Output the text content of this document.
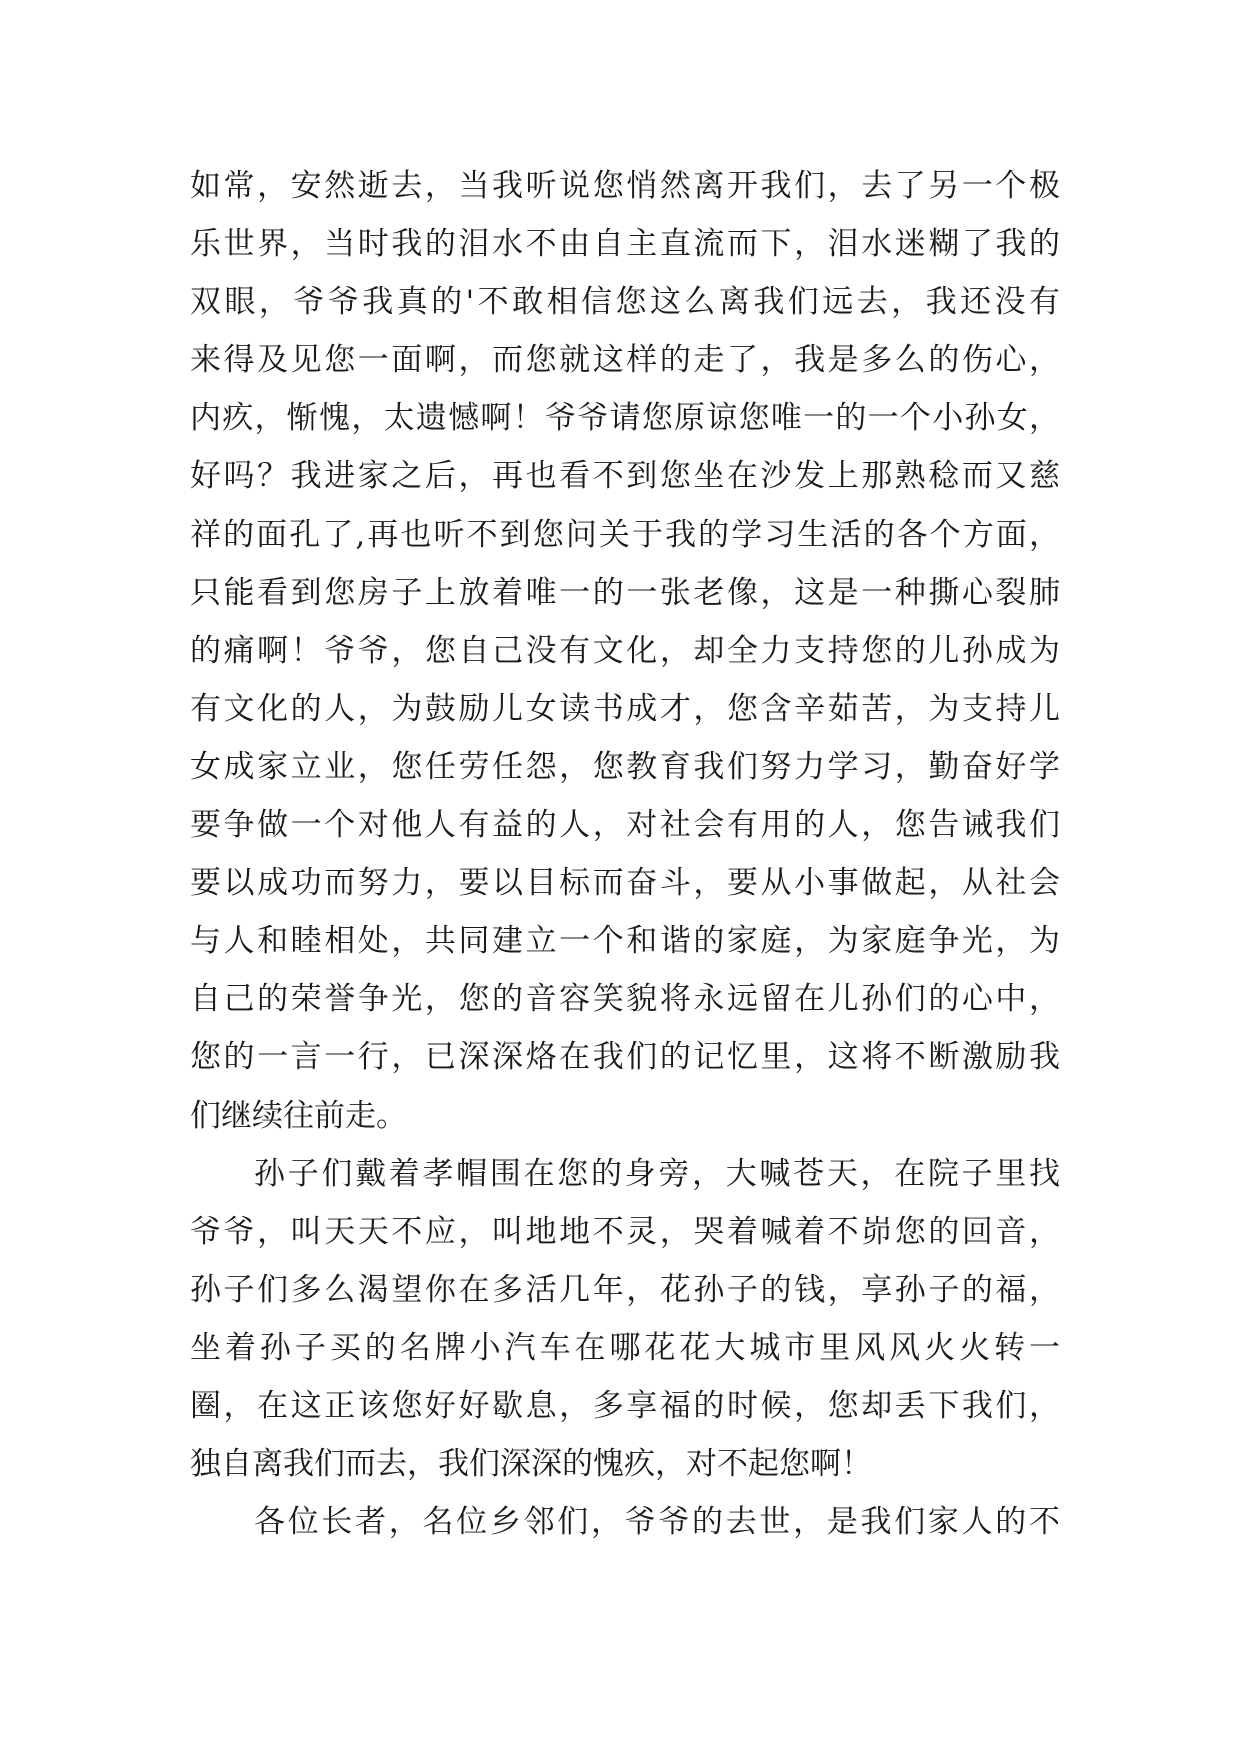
如常，安然逝去，当我听说您悄然离开我们，去了另一个极
乐世界，当时我的泪水不由自主直流而下，泪水迷糊了我的
双眼，爷爷我真的'不敢相信您这么离我们远去，我还没有
来得及见您一面啊，而您就这样的走了，我是多么的伤心，
内疚，惭愧，太遗憾啊！爷爷请您原谅您唯一的一个小孙女，
好吗？我进家之后，再也看不到您坐在沙发上那熟稔而又慈
祥的面孔了,再也听不到您问关于我的学习生活的各个方面，
只能看到您房子上放着唯一的一张老像，这是一种撕心裂肺
的痛啊！爷爷，您自己没有文化，却全力支持您的儿孙成为
有文化的人，为鼓励儿女读书成才，您含辛茹苦，为支持儿
女成家立业，您任劳任怨，您教育我们努力学习，勤奋好学
要争做一个对他人有益的人，对社会有用的人，您告诫我们
要以成功而努力，要以目标而奋斗，要从小事做起，从社会
与人和睦相处，共同建立一个和谐的家庭，为家庭争光，为
自己的荣誉争光，您的音容笑貌将永远留在儿孙们的心中，
您的一言一行，已深深烙在我们的记忆里，这将不断激励我
们继续往前走。
孙子们戴着孝帽围在您的身旁，大喊苍天，在院子里找
爷爷，叫天天不应，叫地地不灵，哭着喊着不峁您的回音，
孙子们多么渴望你在多活几年，花孙子的钱，享孙子的福，
坐着孙子买的名牌小汽车在哪花花大城市里风风火火转一
圈，在这正该您好好歇息，多享福的时候，您却丢下我们，
独自离我们而去，我们深深的愧疚，对不起您啊！
各位长者，名位乡邻们，爷爷的去世，是我们家人的不
